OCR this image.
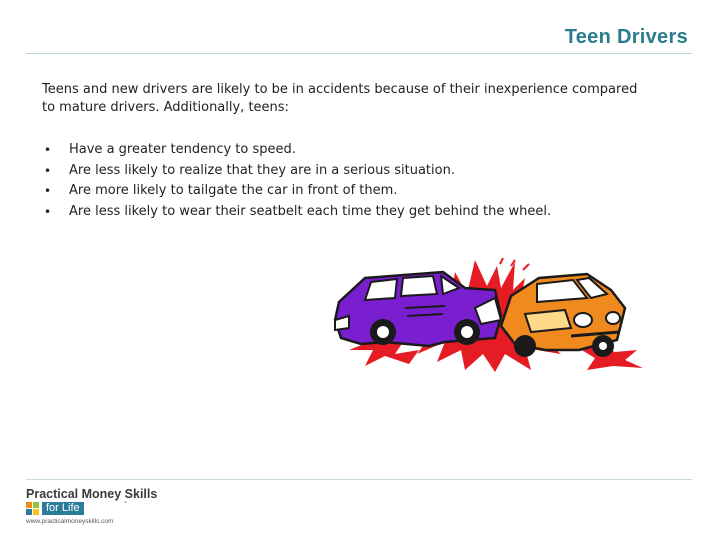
Teen Drivers
Teens and new drivers are likely to be in accidents because of their inexperience compared to mature drivers. Additionally, teens:
• Have a greater tendency to speed.
• Are less likely to realize that they are in a serious situation.
• Are more likely to tailgate the car in front of them.
• Are less likely to wear their seatbelt each time they get behind the wheel.
Practical Money Skills
for Life	™
www.practicalmoneyskills.com
